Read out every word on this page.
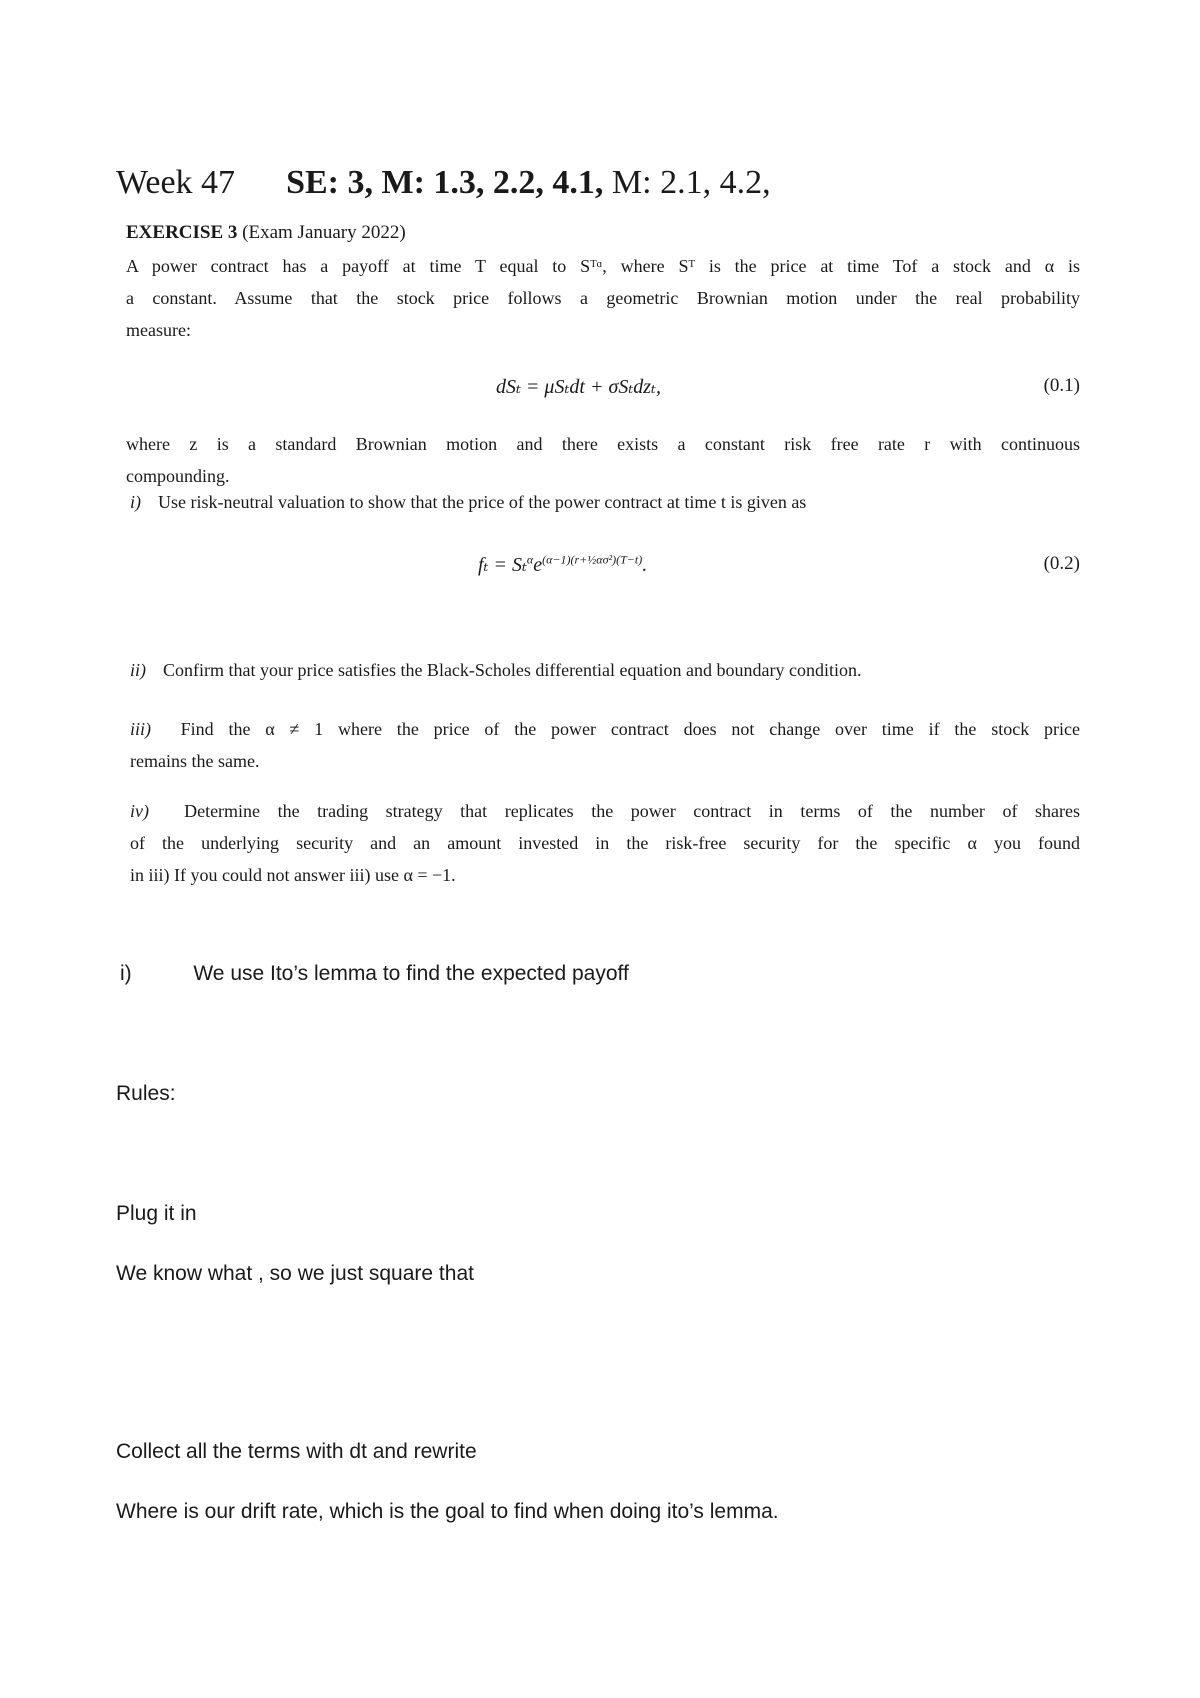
Week 47 SE: 3, M: 1.3, 2.2, 4.1, M: 2.1, 4.2,
EXERCISE 3 (Exam January 2022)
A power contract has a payoff at time T equal to Sᵀᵅ, where Sᵀ is the price at time Tof a stock and α is
a constant. Assume that the stock price follows a geometric Brownian motion under the real probability
measure:
dSₜ = μSₜdt + σSₜdzₜ,	(0.1)
where z is a standard Brownian motion and there exists a constant risk free rate r with continuous
compounding.
i) Use risk-neutral valuation to show that the price of the power contract at time t is given as
$f_t = S_t^\alpha e^{(\alpha-1)(r+\frac{1}{2}\alpha\sigma^2)(T-t)}$.	(0.2)
ii) Confirm that your price satisfies the Black-Scholes differential equation and boundary condition.
iii) Find the α ≠ 1 where the price of the power contract does not change over time if the stock price
remains the same.
iv) Determine the trading strategy that replicates the power contract in terms of the number of shares
of the underlying security and an amount invested in the risk-free security for the specific α you found
in iii) If you could not answer iii) use α = −1.
i)	We use Ito’s lemma to find the expected payoff
Rules:
Plug it in
We know what , so we just square that
Collect all the terms with dt and rewrite
Where is our drift rate, which is the goal to find when doing ito’s lemma.
